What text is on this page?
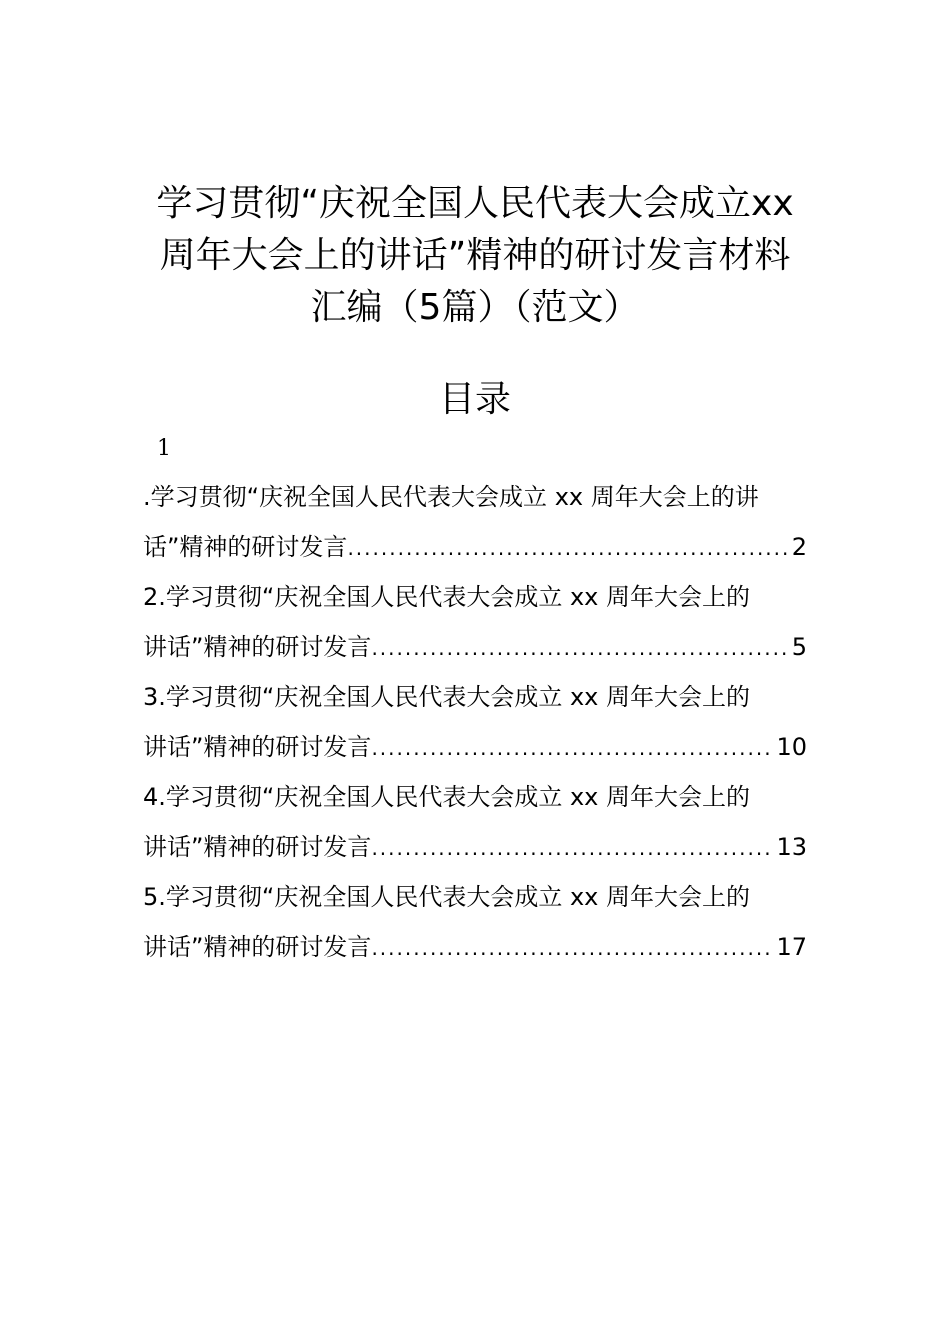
学习贯彻“庆祝全国人民代表大会成立xx
周年大会上的讲话”精神的研讨发言材料
汇编（5篇）（范文）
目录
1
.学习贯彻“庆祝全国人民代表大会成立 xx 周年大会上的讲
话”精神的研讨发言 .....	2
2.学习贯彻“庆祝全国人民代表大会成立 xx 周年大会上的
讲话”精神的研讨发言 .....	5
3.学习贯彻“庆祝全国人民代表大会成立 xx 周年大会上的
讲话”精神的研讨发言 .....	10
4.学习贯彻“庆祝全国人民代表大会成立 xx 周年大会上的
讲话”精神的研讨发言 .....	13
5.学习贯彻“庆祝全国人民代表大会成立 xx 周年大会上的
讲话”精神的研讨发言 .....	17
